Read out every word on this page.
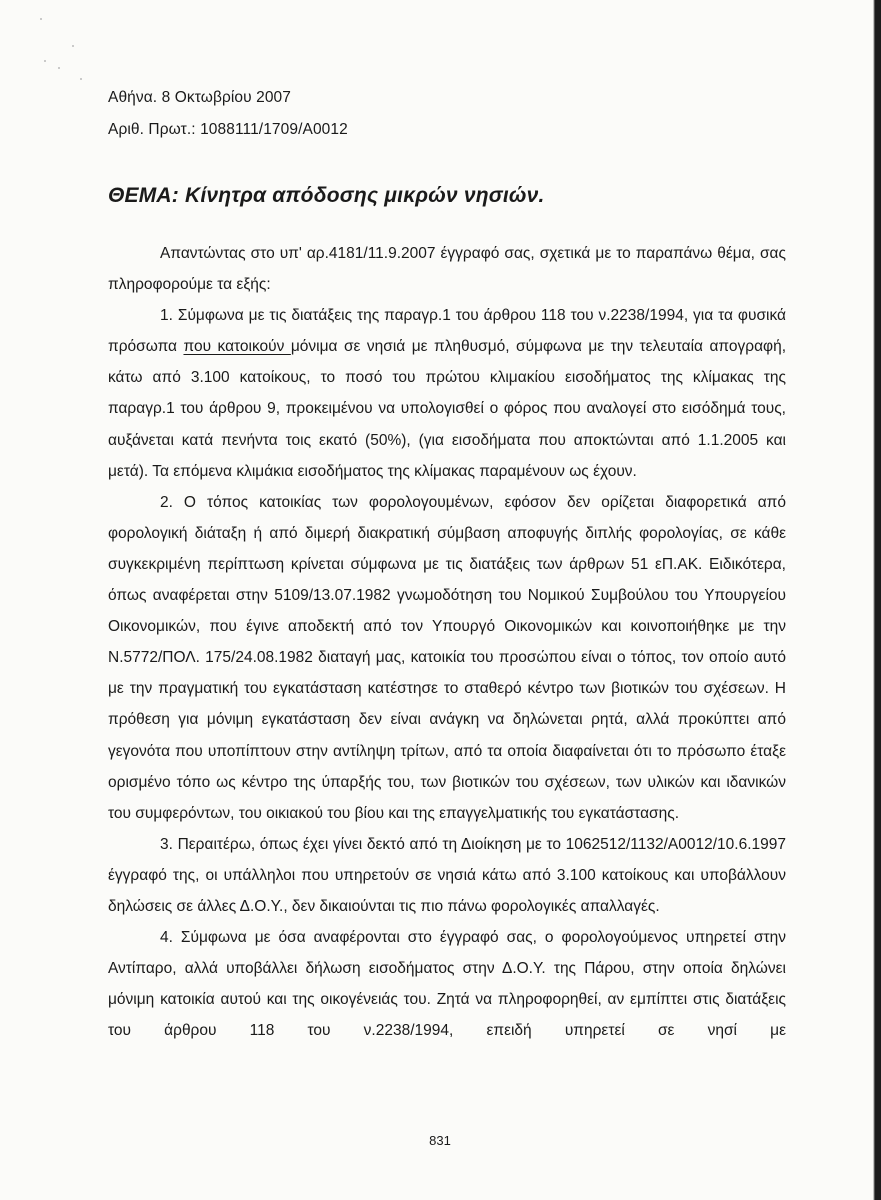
Αθήνα. 8 Οκτωβρίου 2007
Αριθ. Πρωτ.: 1088111/1709/Α0012
ΘΕΜΑ: Κίνητρα απόδοσης μικρών νησιών.

Απαντώντας στο υπ' αρ.4181/11.9.2007 έγγραφό σας, σχετικά με το παραπάνω θέμα, σας πληροφορούμε τα εξής:

1. Σύμφωνα με τις διατάξεις της παραγρ.1 του άρθρου 118 του ν.2238/1994, για τα φυσικά πρόσωπα που κατοικούν μόνιμα σε νησιά με πληθυσμό, σύμφωνα με την τελευταία απογραφή, κάτω από 3.100 κατοίκους, το ποσό του πρώτου κλιμακίου εισοδήματος της κλίμακας της παραγρ.1 του άρθρου 9, προκειμένου να υπολογισθεί ο φόρος που αναλογεί στο εισόδημά τους, αυξάνεται κατά πενήντα τοις εκατό (50%), (για εισοδήματα που αποκτώνται από 1.1.2005 και μετά). Τα επόμενα κλιμάκια εισοδήματος της κλίμακας παραμένουν ως έχουν.

2. Ο τόπος κατοικίας των φορολογουμένων, εφόσον δεν ορίζεται διαφορετικά από φορολογική διάταξη ή από διμερή διακρατική σύμβαση αποφυγής διπλής φορολογίας, σε κάθε συγκεκριμένη περίπτωση κρίνεται σύμφωνα με τις διατάξεις των άρθρων 51 εΠ.ΑΚ. Ειδικότερα, όπως αναφέρεται στην 5109/13.07.1982 γνωμοδότηση του Νομικού Συμβούλου του Υπουργείου Οικονομικών, που έγινε αποδεκτή από τον Υπουργό Οικονομικών και κοινοποιήθηκε με την Ν.5772/ΠΟΛ. 175/24.08.1982 διαταγή μας, κατοικία του προσώπου είναι ο τόπος, τον οποίο αυτό με την πραγματική του εγκατάσταση κατέστησε το σταθερό κέντρο των βιοτικών του σχέσεων. Η πρόθεση για μόνιμη εγκατάσταση δεν είναι ανάγκη να δηλώνεται ρητά, αλλά προκύπτει από γεγονότα που υποπίπτουν στην αντίληψη τρίτων, από τα οποία διαφαίνεται ότι το πρόσωπο έταξε ορισμένο τόπο ως κέντρο της ύπαρξής του, των βιοτικών του σχέσεων, των υλικών και ιδανικών του συμφερόντων, του οικιακού του βίου και της επαγγελματικής του εγκατάστασης.

3. Περαιτέρω, όπως έχει γίνει δεκτό από τη Διοίκηση με το 1062512/1132/Α0012/10.6.1997 έγγραφό της, οι υπάλληλοι που υπηρετούν σε νησιά κάτω από 3.100 κατοίκους και υποβάλλουν δηλώσεις σε άλλες Δ.Ο.Υ., δεν δικαιούνται τις πιο πάνω φορολογικές απαλλαγές.

4. Σύμφωνα με όσα αναφέρονται στο έγγραφό σας, ο φορολογούμενος υπηρετεί στην Αντίπαρο, αλλά υποβάλλει δήλωση εισοδήματος στην Δ.Ο.Υ. της Πάρου, στην οποία δηλώνει μόνιμη κατοικία αυτού και της οικογένειάς του. Ζητά να πληροφορηθεί, αν εμπίπτει στις διατάξεις του άρθρου 118 του ν.2238/1994, επειδή υπηρετεί σε νησί με

831
